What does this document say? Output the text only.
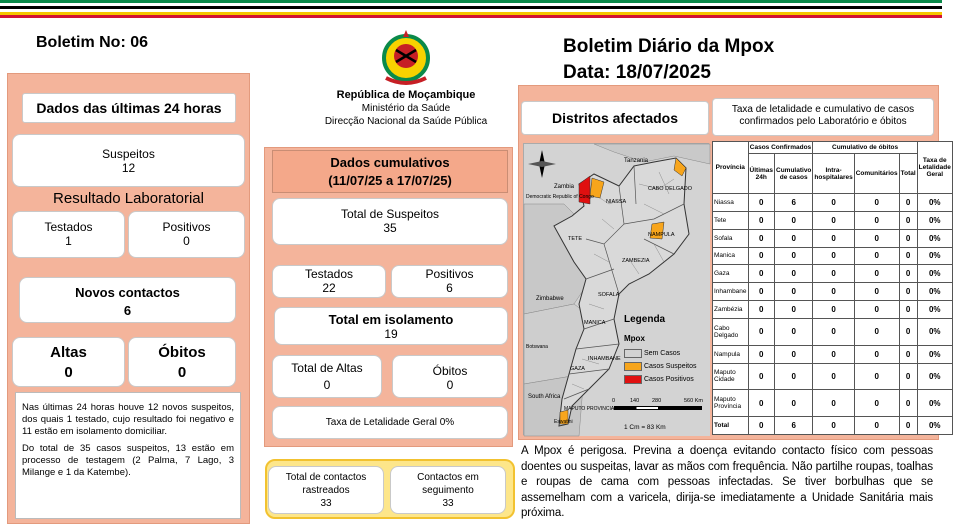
Boletim No: 06
República de Moçambique
Ministério da Saúde
Direcção Nacional da Saúde Pública
Boletim Diário da Mpox
Data: 18/07/2025
Dados das últimas 24 horas
Suspeitos
12
Resultado Laboratorial
Testados
1
Positivos
0
Novos contactos
6
Altas
0
Óbitos
0

Nas últimas 24 horas houve 12 novos suspeitos, dos quais 1 testado, cujo resultado foi negativo e 11 estão em isolamento domiciliar.

Do total de 35 casos suspeitos, 13 estão em processo de testagem (2 Palma, 7 Lago, 3 Milange e 1 da Katembe).

Dados cumulativos
(11/07/25 a 17/07/25)
Total de Suspeitos
35
Testados
22
Positivos
6
Total em isolamento
19
Total de Altas
0
Óbitos
0
Taxa de Letalidade Geral 0%
Total de contactos rastreados
33
Contactos em seguimento
33
Distritos afectados
Taxa de letalidade e cumulativo de casos confirmados pelo Laboratório e óbitos
Tanzania
Zambia
Democratic Republic of Congo
Zimbabwe
South Africa
Eswatini
Botswana
NIASSA
CABO DELGADO
NAMPULA
ZAMBEZIA
TETE
SOFALA
MANICA
INHAMBANE
GAZA
MAPUTO PROVINCIA
Legenda
Mpox
Sem Casos
Casos Suspeitos
Casos Positivos
0	140 280	560 Km
1 Cm = 83 Km
Província	Casos Confirmados		Cumulativo de óbitos			Taxa de Letalidade Geral
	Últimas 24h	Cumulativo de casos	Intra-hospitalares	Comunitários	Total	
Niassa	0	6	0	0	0	0%
Tete	0	0	0	0	0	0%
Sofala	0	0	0	0	0	0%
Manica	0	0	0	0	0	0%
Gaza	0	0	0	0	0	0%
Inhambane	0	0	0	0	0	0%
Zambézia	0	0	0	0	0	0%
Cabo Delgado	0	0	0	0	0	0%
Nampula	0	0	0	0	0	0%
Maputo Cidade	0	0	0	0	0	0%
Maputo Província	0	0	0	0	0	0%
Total	0	6	0	0	0	0%
A Mpox é perigosa. Previna a doença evitando contacto físico com pessoas doentes ou suspeitas, lavar as mãos com frequência. Não partilhe roupas, toalhas e roupas de cama com pessoas infectadas. Se tiver borbulhas que se assemelham com a varicela, dirija-se imediatamente a Unidade Sanitária mais próxima.
